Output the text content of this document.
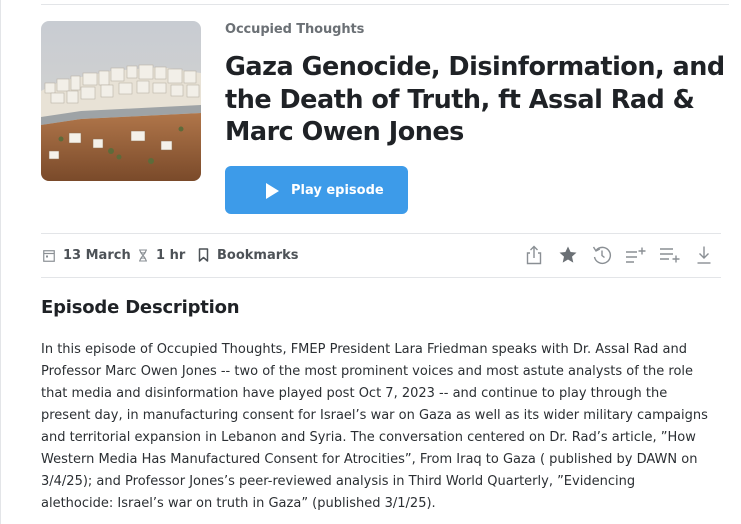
Occupied Thoughts
Gaza Genocide, Disinformation, and the Death of Truth, ft Assal Rad & Marc Owen Jones
Play episode
13 March 1 hr Bookmarks
Episode Description

In this episode of Occupied Thoughts, FMEP President Lara Friedman speaks with Dr. Assal Rad and Professor Marc Owen Jones -- two of the most prominent voices and most astute analysts of the role that media and disinformation have played post Oct 7, 2023 -- and continue to play through the present day, in manufacturing consent for Israel’s war on Gaza as well as its wider military campaigns and territorial expansion in Lebanon and Syria. The conversation centered on Dr. Rad’s article, ”How Western Media Has Manufactured Consent for Atrocities”, From Iraq to Gaza ( published by DAWN on 3/4/25); and Professor Jones’s peer-reviewed analysis in Third World Quarterly, ”Evidencing alethocide: Israel’s war on truth in Gaza” (published 3/1/25).
